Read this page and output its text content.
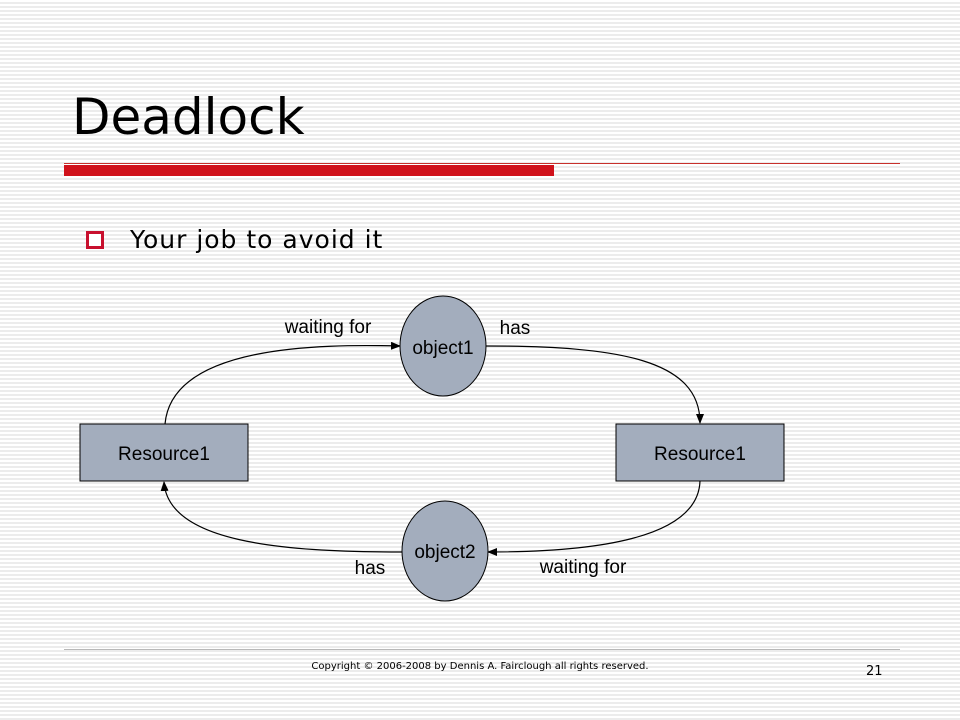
Deadlock
Your job to avoid it
object1
object2
Resource1	Resource1
waiting for	has
has	waiting for
Copyright © 2006-2008 by Dennis A. Fairclough all rights reserved.	21
